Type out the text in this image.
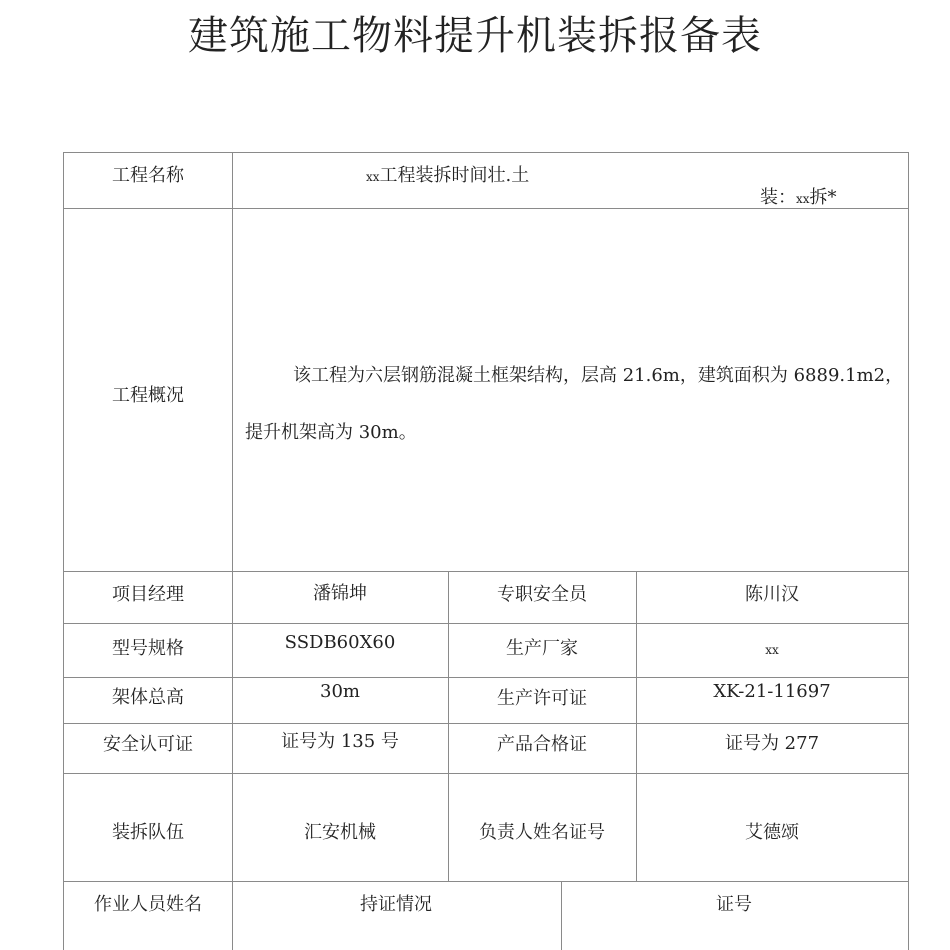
建筑施工物料提升机装拆报备表
工程名称	xx工程装拆时间壮.土
装：xx拆*
工程概况
该工程为六层钢筋混凝土框架结构，层高 21.6m，建筑面积为 6889.1m2，
提升机架高为 30m。
项目经理	潘锦坤	专职安全员	陈川汉
型号规格	SSDB60X60	生产厂家	xx
架体总高	30m	生产许可证	XK-21-11697
安全认可证	证号为 135 号	产品合格证	证号为 277
装拆队伍	汇安机械	负责人姓名证号	艾德颂
作业人员姓名	持证情况	证号
